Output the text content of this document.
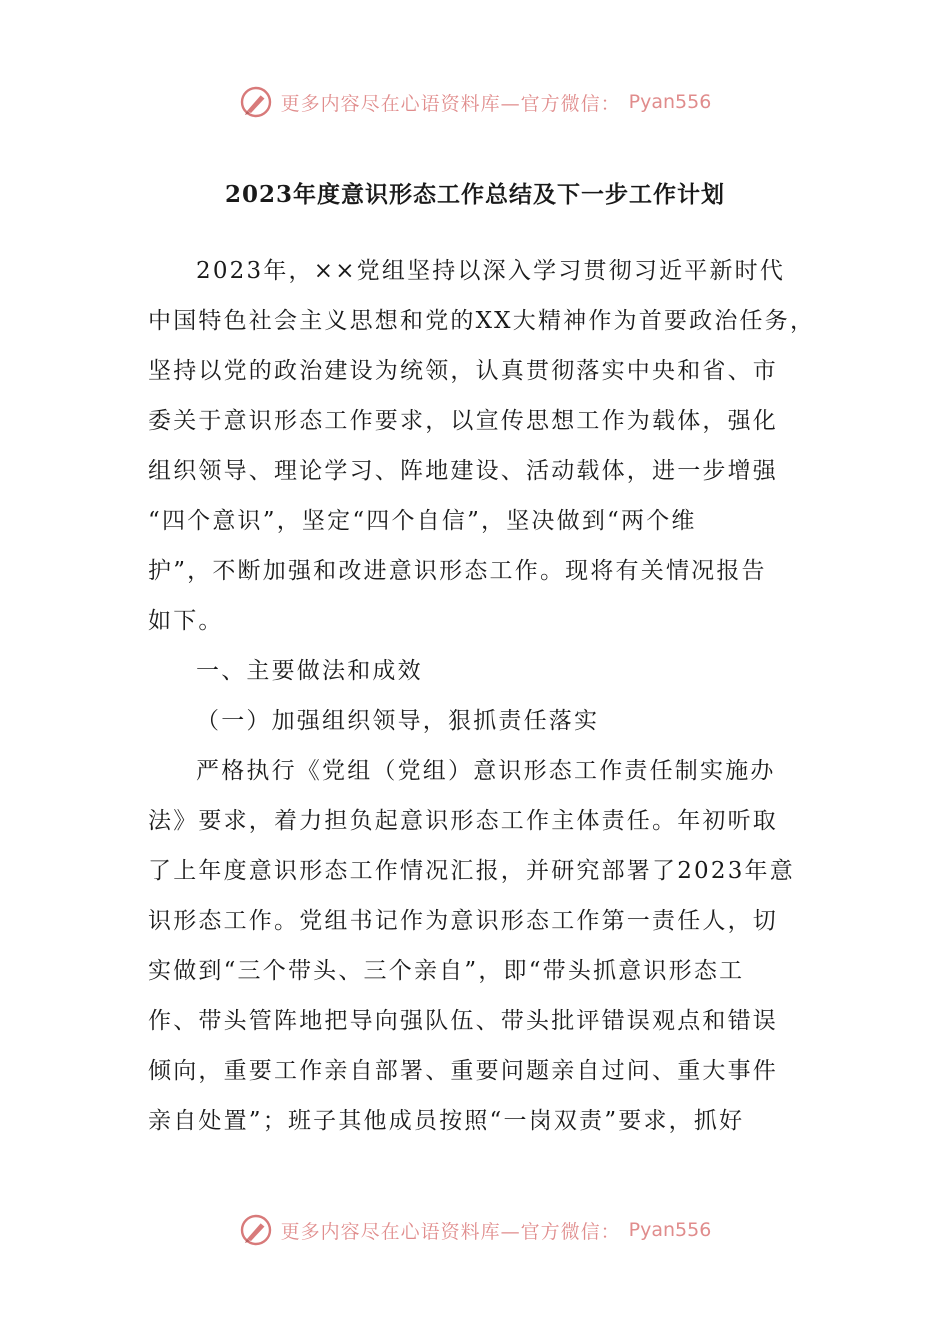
更多内容尽在心语资料库—官方微信： Pyan556
2023年度意识形态工作总结及下一步工作计划

2023年，××党组坚持以深入学习贯彻习近平新时代
中国特色社会主义思想和党的XX大精神作为首要政治任务，
坚持以党的政治建设为统领，认真贯彻落实中央和省、市
委关于意识形态工作要求，以宣传思想工作为载体，强化
组织领导、理论学习、阵地建设、活动载体，进一步增强
“四个意识”，坚定“四个自信”，坚决做到“两个维
护”，不断加强和改进意识形态工作。现将有关情况报告
如下。

一、主要做法和成效

（一）加强组织领导，狠抓责任落实

严格执行《党组（党组）意识形态工作责任制实施办
法》要求，着力担负起意识形态工作主体责任。年初听取
了上年度意识形态工作情况汇报，并研究部署了2023年意
识形态工作。党组书记作为意识形态工作第一责任人，切
实做到“三个带头、三个亲自”，即“带头抓意识形态工
作、带头管阵地把导向强队伍、带头批评错误观点和错误
倾向，重要工作亲自部署、重要问题亲自过问、重大事件
亲自处置”；班子其他成员按照“一岗双责”要求，抓好

更多内容尽在心语资料库—官方微信： Pyan556
